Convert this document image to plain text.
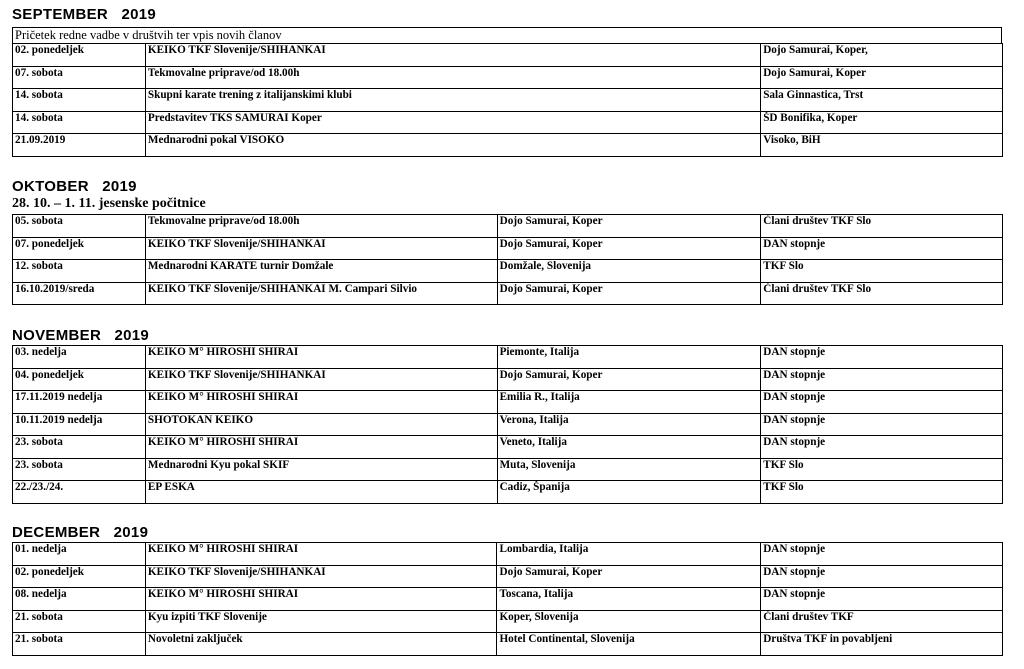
SEPTEMBER   2019
Pričetek redne vadbe v društvih ter vpis novih članov
02. ponedeljek	KEIKO TKF Slovenije/SHIHANKAI	Dojo Samurai, Koper,
07. sobota	Tekmovalne priprave/od 18.00h	Dojo Samurai, Koper
14. sobota	Skupni karate trening z italijanskimi klubi	Sala Ginnastica, Trst
14. sobota	Predstavitev TKS SAMURAI Koper	ŠD Bonifika, Koper
21.09.2019	Mednarodni pokal VISOKO	Visoko, BiH
OKTOBER   2019
28. 10. – 1. 11. jesenske počitnice
05. sobota	Tekmovalne priprave/od 18.00h	Dojo Samurai, Koper	Člani društev TKF Slo
07. ponedeljek	KEIKO TKF Slovenije/SHIHANKAI	Dojo Samurai, Koper	DAN stopnje
12. sobota	Mednarodni KARATE turnir Domžale	Domžale, Slovenija	TKF Slo
16.10.2019/sreda	KEIKO TKF Slovenije/SHIHANKAI M. Campari Silvio	Dojo Samurai, Koper	Člani društev TKF Slo
NOVEMBER   2019
03. nedelja	KEIKO M° HIROSHI SHIRAI	Piemonte, Italija	DAN stopnje
04. ponedeljek	KEIKO TKF Slovenije/SHIHANKAI	Dojo Samurai, Koper	DAN stopnje
17.11.2019 nedelja	KEIKO M° HIROSHI SHIRAI	Emilia R., Italija	DAN stopnje
10.11.2019 nedelja	SHOTOKAN KEIKO	Verona, Italija	DAN stopnje
23. sobota	KEIKO M° HIROSHI SHIRAI	Veneto, Italija	DAN stopnje
23. sobota	Mednarodni Kyu pokal SKIF	Muta, Slovenija	TKF Slo
22./23./24.	EP ESKA	Cadiz, Španija	TKF Slo
DECEMBER   2019
01. nedelja	KEIKO M° HIROSHI SHIRAI	Lombardia, Italija	DAN stopnje
02. ponedeljek	KEIKO TKF Slovenije/SHIHANKAI	Dojo Samurai, Koper	DAN stopnje
08. nedelja	KEIKO M° HIROSHI SHIRAI	Toscana, Italija	DAN stopnje
21. sobota	Kyu izpiti TKF Slovenije	Koper, Slovenija	Člani društev TKF
21. sobota	Novoletni zaključek	Hotel Continental, Slovenija	Društva TKF in povabljeni
